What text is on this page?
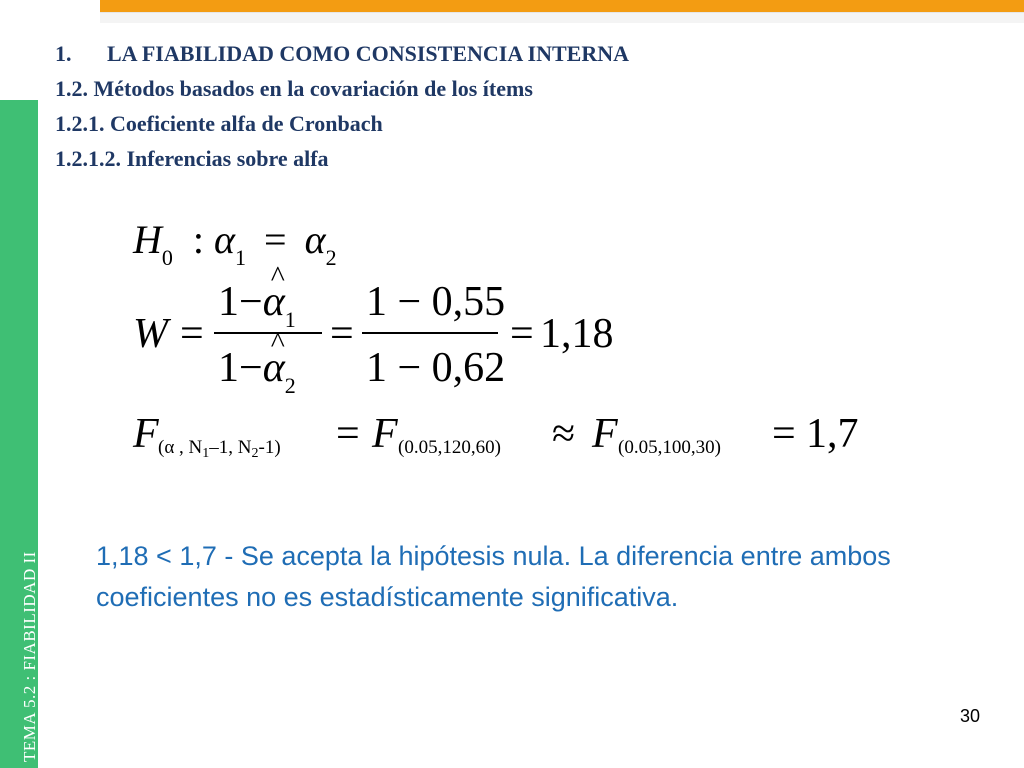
TEMA 5.2 : FIABILIDAD II
1. LA FIABILIDAD COMO CONSISTENCIA INTERNA
1.2. Métodos basados en la covariación de los ítems
1.2.1. Coeficiente alfa de Cronbach
1.2.1.2. Inferencias sobre alfa
$H_0$ : $\alpha_1 = \alpha_2$
W =
1−^ $\alpha_1$
1−^ $\alpha_2$
=
1 − 0,55
1 − 0,62
= 1,18
F (α , $N_1-1$, $N_2-1) = F$ (0.05,120,60) ≈ F (0.05,100,30) = 1,7
1,18 < 1,7 - Se acepta la hipótesis nula. La diferencia entre ambos coeficientes no es estadísticamente significativa.
30
